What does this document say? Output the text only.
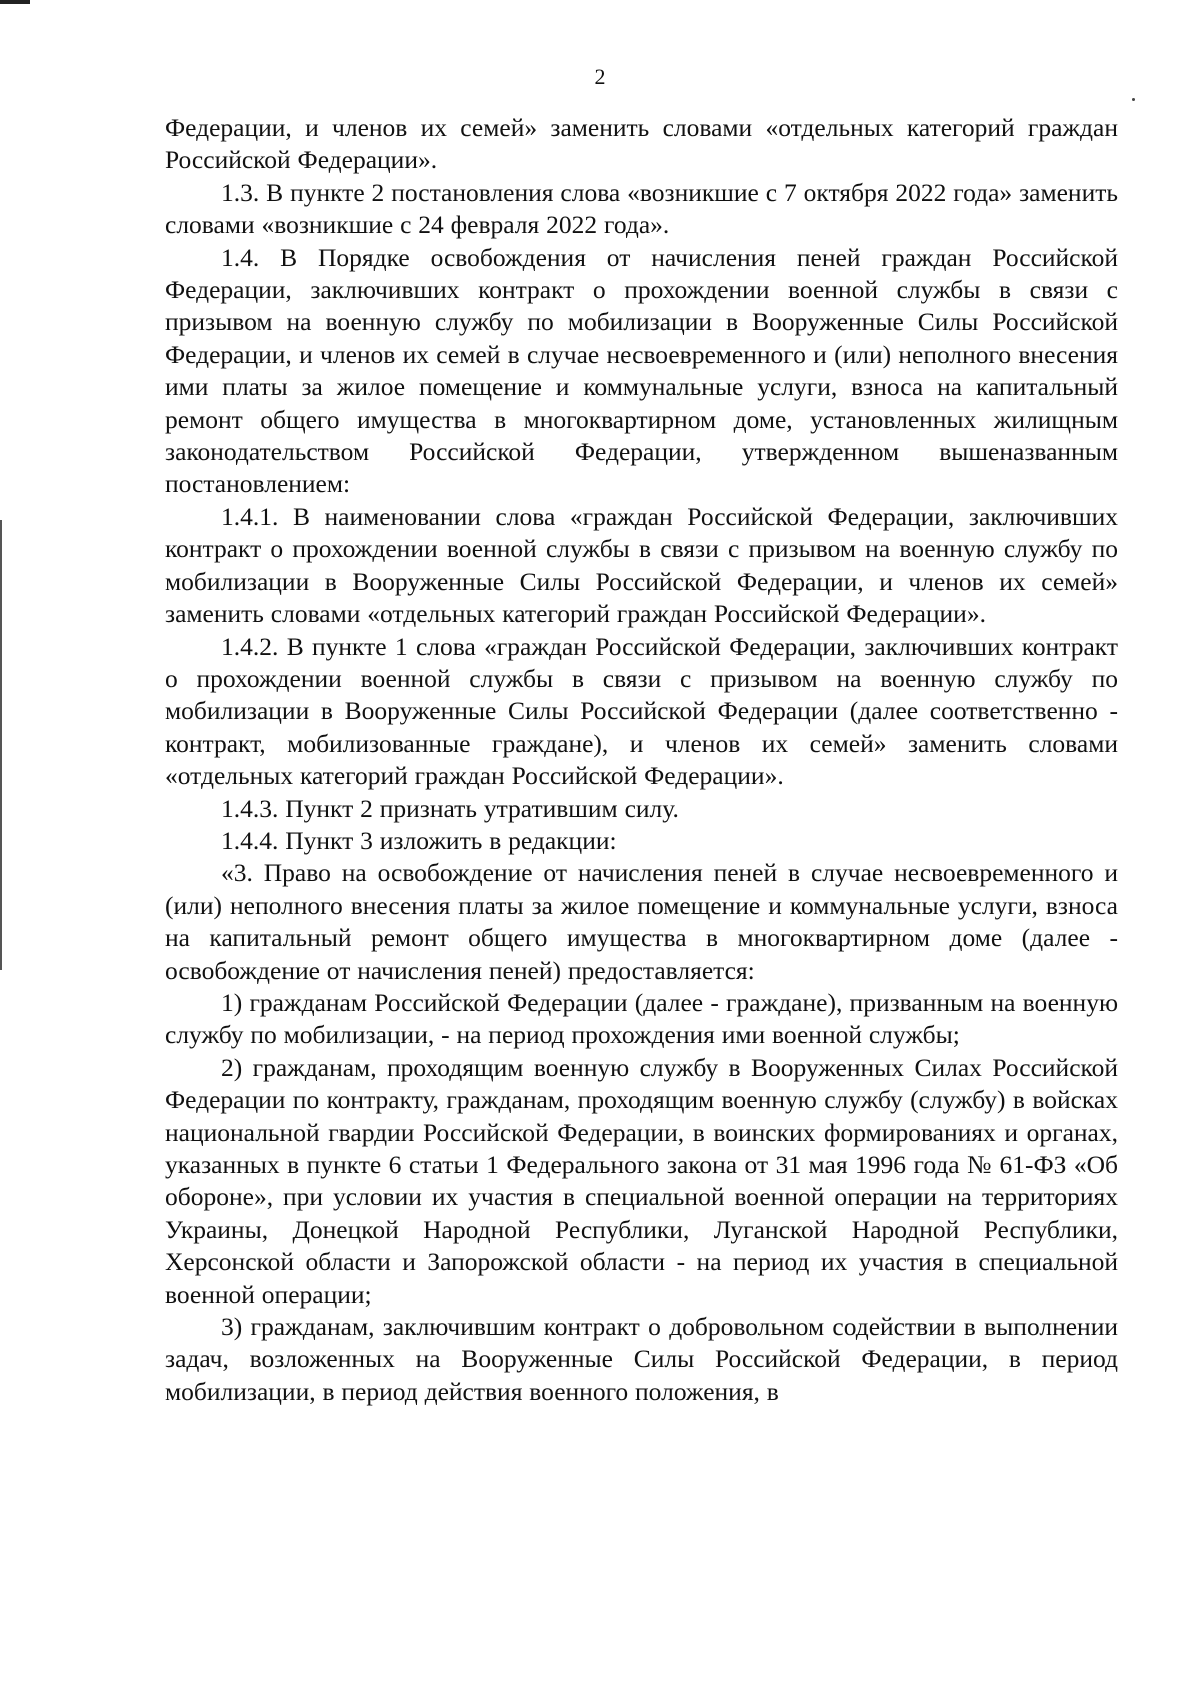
2

Федерации, и членов их семей» заменить словами «отдельных категорий граждан Российской Федерации».

1.3. В пункте 2 постановления слова «возникшие с 7 октября 2022 года» заменить словами «возникшие с 24 февраля 2022 года».

1.4. В Порядке освобождения от начисления пеней граждан Российской Федерации, заключивших контракт о прохождении военной службы в связи с призывом на военную службу по мобилизации в Вооруженные Силы Российской Федерации, и членов их семей в случае несвоевременного и (или) неполного внесения ими платы за жилое помещение и коммунальные услуги, взноса на капитальный ремонт общего имущества в многоквартирном доме, установленных жилищным законодательством Российской Федерации, утвержденном вышеназванным постановлением:

1.4.1. В наименовании слова «граждан Российской Федерации, заключивших контракт о прохождении военной службы в связи с призывом на военную службу по мобилизации в Вооруженные Силы Российской Федерации, и членов их семей» заменить словами «отдельных категорий граждан Российской Федерации».

1.4.2. В пункте 1 слова «граждан Российской Федерации, заключивших контракт о прохождении военной службы в связи с призывом на военную службу по мобилизации в Вооруженные Силы Российской Федерации (далее соответственно - контракт, мобилизованные граждане), и членов их семей» заменить словами «отдельных категорий граждан Российской Федерации».

1.4.3. Пункт 2 признать утратившим силу.

1.4.4. Пункт 3 изложить в редакции:

«3. Право на освобождение от начисления пеней в случае несвоевременного и (или) неполного внесения платы за жилое помещение и коммунальные услуги, взноса на капитальный ремонт общего имущества в многоквартирном доме (далее - освобождение от начисления пеней) предоставляется:

1) гражданам Российской Федерации (далее - граждане), призванным на военную службу по мобилизации, - на период прохождения ими военной службы;

2) гражданам, проходящим военную службу в Вооруженных Силах Российской Федерации по контракту, гражданам, проходящим военную службу (службу) в войсках национальной гвардии Российской Федерации, в воинских формированиях и органах, указанных в пункте 6 статьи 1 Федерального закона от 31 мая 1996 года № 61-ФЗ «Об обороне», при условии их участия в специальной военной операции на территориях Украины, Донецкой Народной Республики, Луганской Народной Республики, Херсонской области и Запорожской области - на период их участия в специальной военной операции;

3) гражданам, заключившим контракт о добровольном содействии в выполнении задач, возложенных на Вооруженные Силы Российской Федерации, в период мобилизации, в период действия военного положения, в
